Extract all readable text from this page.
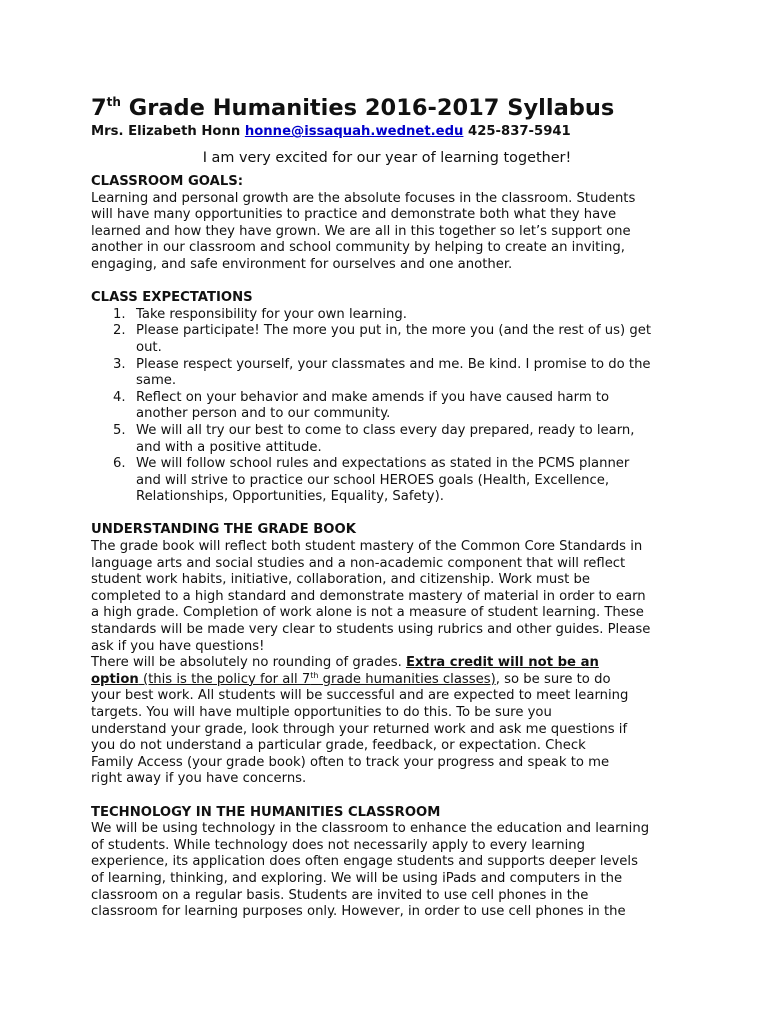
7th Grade Humanities 2016-2017 Syllabus
Mrs. Elizabeth Honn honne@issaquah.wednet.edu 425-837-5941
I am very excited for our year of learning together!
CLASSROOM GOALS:
Learning and personal growth are the absolute focuses in the classroom. Students
will have many opportunities to practice and demonstrate both what they have
learned and how they have grown. We are all in this together so let’s support one
another in our classroom and school community by helping to create an inviting,
engaging, and safe environment for ourselves and one another.
CLASS EXPECTATIONS
1. Take responsibility for your own learning.
2. Please participate! The more you put in, the more you (and the rest of us) get
out.
3. Please respect yourself, your classmates and me. Be kind. I promise to do the
same.
4. Reflect on your behavior and make amends if you have caused harm to
another person and to our community.
5. We will all try our best to come to class every day prepared, ready to learn,
and with a positive attitude.
6. We will follow school rules and expectations as stated in the PCMS planner
and will strive to practice our school HEROES goals (Health, Excellence,
Relationships, Opportunities, Equality, Safety).
UNDERSTANDING THE GRADE BOOK
The grade book will reflect both student mastery of the Common Core Standards in
language arts and social studies and a non-academic component that will reflect
student work habits, initiative, collaboration, and citizenship. Work must be
completed to a high standard and demonstrate mastery of material in order to earn
a high grade. Completion of work alone is not a measure of student learning. These
standards will be made very clear to students using rubrics and other guides. Please
ask if you have questions!
There will be absolutely no rounding of grades. Extra credit will not be an
option (this is the policy for all 7th grade humanities classes), so be sure to do
your best work. All students will be successful and are expected to meet learning
targets. You will have multiple opportunities to do this. To be sure you
understand your grade, look through your returned work and ask me questions if
you do not understand a particular grade, feedback, or expectation. Check
Family Access (your grade book) often to track your progress and speak to me
right away if you have concerns.
TECHNOLOGY IN THE HUMANITIES CLASSROOM
We will be using technology in the classroom to enhance the education and learning
of students. While technology does not necessarily apply to every learning
experience, its application does often engage students and supports deeper levels
of learning, thinking, and exploring. We will be using iPads and computers in the
classroom on a regular basis. Students are invited to use cell phones in the
classroom for learning purposes only. However, in order to use cell phones in the
